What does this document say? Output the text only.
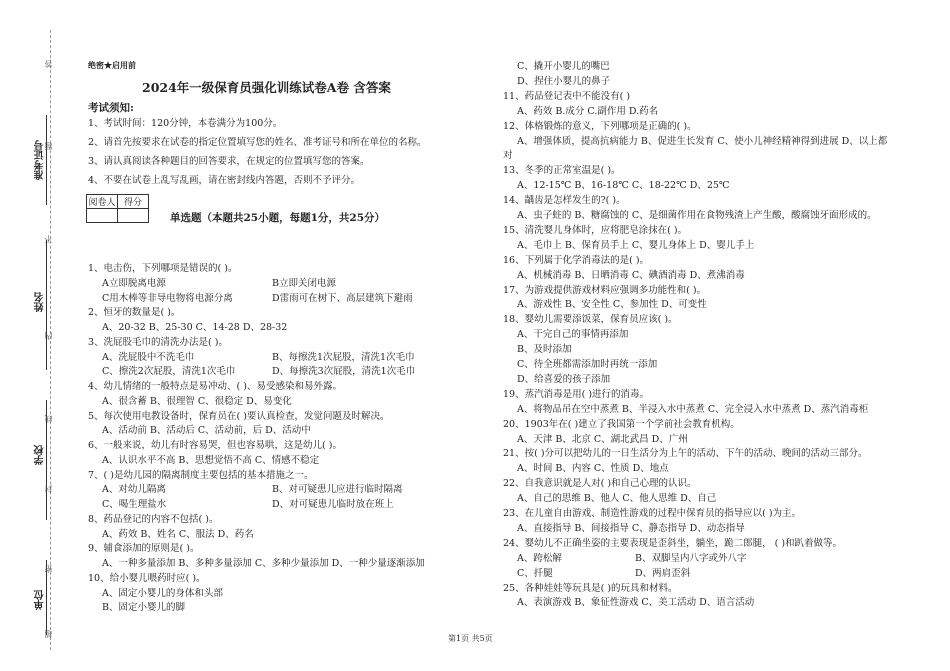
准考证号
姓名
学校
单位
答
题
不
内
线
封
密
超
绝密★启用前
2024年一级保育员强化训练试卷A卷 含答案
考试须知:
1、考试时间：120分钟，本卷满分为100分。
2、请首先按要求在试卷的指定位置填写您的姓名、准考证号和所在单位的名称。
3、请认真阅读各种题目的回答要求，在规定的位置填写您的答案。
4、不要在试卷上乱写乱画，请在密封线内答题，否则不予评分。
阅卷人	得分

单选题（本题共25小题，每题1分，共25分）
1、电击伤，下列哪项是错误的( )。
A立即脱离电源	B立即关闭电源
C用木棒等非导电物将电源分离	D雷雨可在树下、高层建筑下避雨
2、恒牙的数量是( )。
A、20-32 B、25-30 C、14-28 D、28-32
3、洗屁股毛巾的清洗办法是( )。
A、洗屁股中不洗毛巾	B、每擦洗1次屁股，清洗1次毛巾
C、擦洗2次屁股，清洗1次毛巾	D、每擦洗3次屁股，清洗1次毛巾
4、幼儿情绪的一般特点是易冲动、( )、易受感染和易外露。
A、很含蓄 B、很理智 C、很稳定 D、易变化
5、每次使用电教设备时，保育员在( )要认真检查，发觉问题及时解决。
A、活动前 B、活动后 C、活动前，后 D、活动中
6、一般来说，幼儿有时容易哭，但也容易哄，这是幼儿( )。
A、认识水平不高 B、思想觉悟不高 C、情感不稳定
7、( )是幼儿园的隔离制度主要包括的基本措施之一。
A、对幼儿隔离	B、对可疑患儿应进行临时隔离
C、喝生理盐水	D、对可疑患儿临时放在班上
8、药品登记的内容不包括( )。
A、药效 B、姓名 C、服法 D、药名
9、辅食添加的原则是( )。
A、一种多量添加 B、多种多量添加 C、多种少量添加 D、一种少量逐渐添加
10、给小婴儿喂药时应( )。
A、固定小婴儿的身体和头部
B、固定小婴儿的脚
C、撬开小婴儿的嘴巴
D、捏住小婴儿的鼻子
11、药品登记表中不能没有( )
A、药效 B.成分 C.副作用 D.药名
12、体格锻炼的意义，下列哪项是正确的( )。
A、增强体质，提高抗病能力 B、促进生长发育 C、使小儿神经精神得到进展 D、以上都
对
13、冬季的正常室温是( )。
A、12-15℃ B、16-18℃ C、18-22℃ D、25℃
14、龋齿是怎样发生的?( )。
A、虫子蛀的 B、糖腐蚀的 C、是细菌作用在食物残渣上产生酸，酸腐蚀牙面形成的。
15、清洗婴儿身体时，应将肥皂涂抹在( )。
A、毛巾上 B、保育员手上 C、婴儿身体上 D、婴儿手上
16、下列属于化学消毒法的是( )。
A、机械消毒 B、日晒消毒 C、碘酒消毒 D、煮沸消毒
17、为游戏提供游戏材料应强调多功能性和( )。
A、游戏性 B、安全性 C、参加性 D、可变性
18、婴幼儿需要添饭菜，保育员应该( )。
A、干完自己的事情再添加
B、及时添加
C、待全班都需添加时再统一添加
D、给喜爱的孩子添加
19、蒸汽消毒是用( )进行的消毒。
A、将物品吊在空中蒸煮 B、半浸入水中蒸煮 C、完全浸入水中蒸煮 D、蒸汽消毒柜
20、1903年在( )建立了我国第一个学前社会教育机构。
A、天津 B、北京 C、湖北武昌 D、广州
21、按( )分可以把幼儿的一日生活分为上午的活动、下午的活动、晚间的活动三部分。
A、时间 B、内容 C、性质 D、地点
22、自我意识就是人对( )和自己心理的认识。
A、自己的思维 B、他人 C、他人思维 D、自己
23、在儿童自由游戏、制造性游戏的过程中保育员的指导应以( )为主。
A、直接指导 B、间接指导 C、静态指导 D、动态指导
24、婴幼儿不正确坐姿的主要表现是歪斜坐，躺坐，跪二郎腿， ( )和趴着做等。
A、跨松解	B、双脚呈内八字或外八字
C、扦腿	D、两肩歪斜
25、各种娃娃等玩具是( )的玩具和材料。
A、表演游戏 B、象征性游戏 C、美工活动 D、语言活动
第1页 共5页
